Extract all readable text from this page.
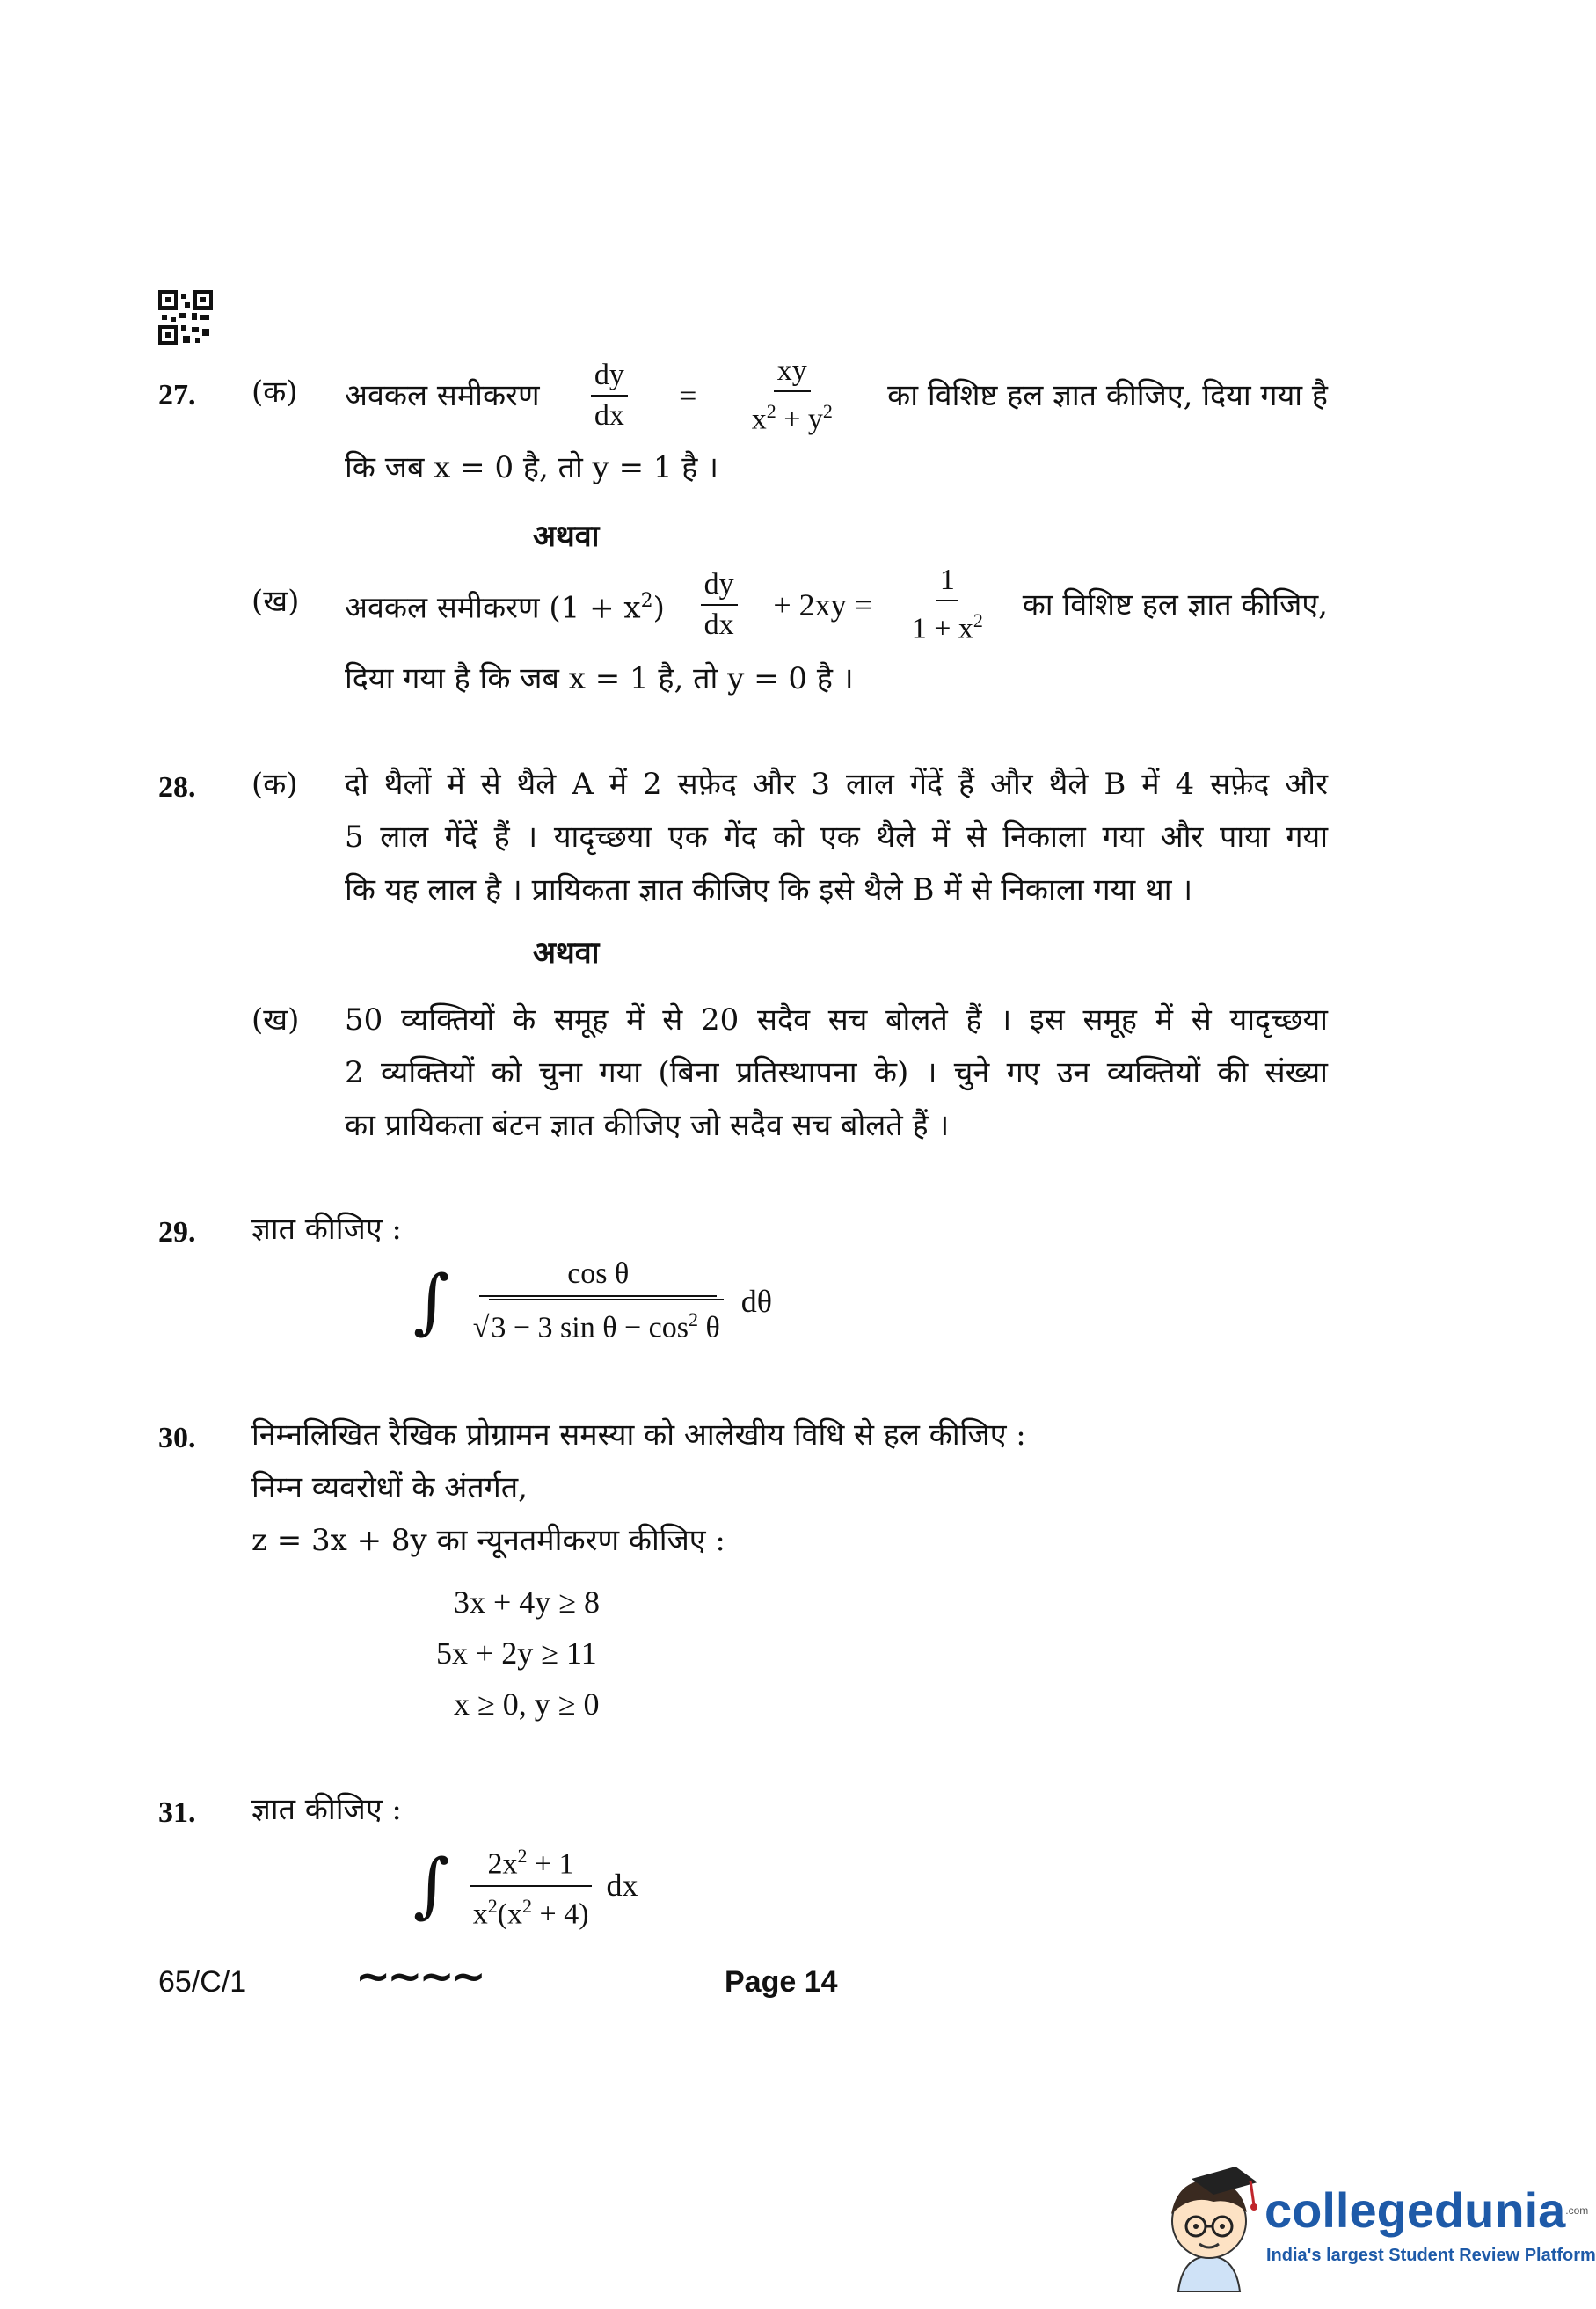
27. (क) अवकल समीकरण $\frac{dy}{dx} = \frac{xy}{x^2 + y^2}$ का विशिष्ट हल ज्ञात कीजिए, दिया गया है
कि जब x = 0 है, तो y = 1 है ।
अथवा
(ख) अवकल समीकरण $(1 + x^2) \frac{dy}{dx} + 2xy = \frac{1}{1 + x^2}$ का विशिष्ट हल ज्ञात कीजिए,
दिया गया है कि जब x = 1 है, तो y = 0 है ।
28. (क) दो थैलों में से थैले A में 2 सफ़ेद और 3 लाल गेंदें हैं और थैले B में 4 सफ़ेद और
5 लाल गेंदें हैं । यादृच्छया एक गेंद को एक थैले में से निकाला गया और पाया गया
कि यह लाल है । प्रायिकता ज्ञात कीजिए कि इसे थैले B में से निकाला गया था ।
अथवा
(ख) 50 व्यक्तियों के समूह में से 20 सदैव सच बोलते हैं । इस समूह में से यादृच्छया
2 व्यक्तियों को चुना गया (बिना प्रतिस्थापना के) । चुने गए उन व्यक्तियों की संख्या
का प्रायिकता बंटन ज्ञात कीजिए जो सदैव सच बोलते हैं ।
29. ज्ञात कीजिए :
∫ $\frac{\text{cos θ}}{√3 - 3 \sin \theta - \cos^2 \theta}$ dθ
30. निम्नलिखित रैखिक प्रोग्रामन समस्या को आलेखीय विधि से हल कीजिए :
निम्न व्यवरोधों के अंतर्गत,
z = 3x + 8y का न्यूनतमीकरण कीजिए :
3x + 4y ≥ 8
5x + 2y ≥ 11
x ≥ 0, y ≥ 0
31. ज्ञात कीजिए :
∫ $\frac{2x^2 + 1}{x^2(x^2 + 4)}$ dx
65/C/1	~~~~	Page 14
collegedunia$^{.com}$
India's largest Student Review Platform
